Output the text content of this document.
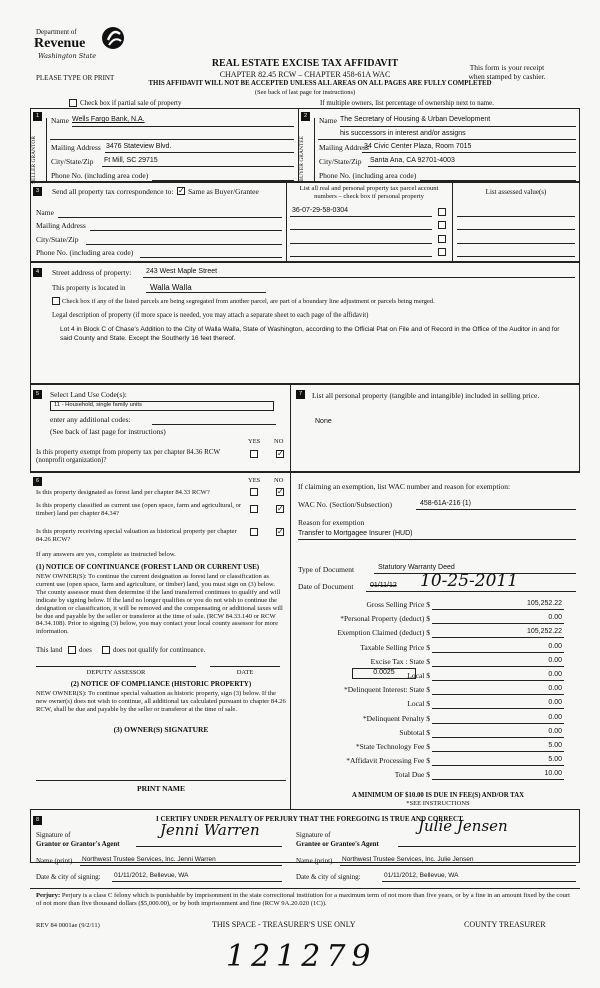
Department of
Revenue
Washington State
PLEASE TYPE OR PRINT
REAL ESTATE EXCISE TAX AFFIDAVIT
CHAPTER 82.45 RCW – CHAPTER 458-61A WAC
THIS AFFIDAVIT WILL NOT BE ACCEPTED UNLESS ALL AREAS ON ALL PAGES ARE FULLY COMPLETED
(See back of last page for instructions)
This form is your receipt
when stamped by cashier.
Check box if partial sale of property	If multiple owners, list percentage of ownership next to name.
1
SELLER GRANTOR
Name Wells Fargo Bank, N.A.
Mailing Address 3476 Stateview Blvd.
City/State/Zip Ft Mill, SC 29715
Phone No. (including area code)
2
BUYER GRANTEE
Name The Secretary of Housing & Urban Development
his successors in interest and/or assigns
Mailing Address
34 Civic Center Plaza, Room 7015
City/State/Zip Santa Ana, CA 92701-4003
Phone No. (including area code)
3	Send all property tax correspondence to: ✓ Same as Buyer/Grantee
Name
Mailing Address
City/State/Zip
Phone No. (including area code)
List all real and personal property tax parcel account numbers – check box if personal property
List assessed value(s)
36-07-29-58-0304
4	Street address of property: 243 West Maple Street
This property is located in	Walla Walla
Check box if any of the listed parcels are being segregated from another parcel, are part of a boundary line adjustment or parcels being merged.
Legal description of property (if more space is needed, you may attach a separate sheet to each page of the affidavit)
Lot 4 in Block C of Chase's Addition to the City of Walla Walla, State of Washington, according to the Official Plat on File and of Record in the Office of the Auditor in and for said County and State. Except the Southerly 16 feet thereof.
5	Select Land Use Code(s):
11 - Household, single family units
enter any additional codes:
(See back of last page for instructions)
YES NO
Is this property exempt from property tax per chapter 84.36 RCW (nonprofit organization)?
✓
7	List all personal property (tangible and intangible) included in selling price.
None
6	YES NO
Is this property designated as forest land per chapter 84.33 RCW?	✓
Is this property classified as current use (open space, farm and agricultural, or timber) land per chapter 84.34?
✓
Is this property receiving special valuation as historical property per chapter 84.26 RCW?
✓
If any answers are yes, complete as instructed below.
(1) NOTICE OF CONTINUANCE (FOREST LAND OR CURRENT USE)
NEW OWNER(S): To continue the current designation as forest land or classification as current use (open space, farm and agriculture, or timber) land, you must sign on (3) below. The county assessor must then determine if the land transferred continues to qualify and will indicate by signing below. If the land no longer qualifies or you do not wish to continue the designation or classification, it will be removed and the compensating or additional taxes will be due and payable by the seller or transferor at the time of sale. (RCW 84.33.140 or RCW 84.34.108). Prior to signing (3) below, you may contact your local county assessor for more information.
This land does	does not qualify for continuance.
DEPUTY ASSESSOR	DATE
(2) NOTICE OF COMPLIANCE (HISTORIC PROPERTY)
NEW OWNER(S): To continue special valuation as historic property, sign (3) below. If the new owner(s) does not wish to continue, all additional tax calculated pursuant to chapter 84.26 RCW, shall be due and payable by the seller or transferor at the time of sale.
(3) OWNER(S) SIGNATURE
PRINT NAME
If claiming an exemption, list WAC number and reason for exemption:
WAC No. (Section/Subsection)	458-61A-216 (1)
Reason for exemption
Transfer to Mortgagee Insurer (HUD)
Type of Document	Statutory Warranty Deed
Date of Document 01/11/12 10-25-2011
Gross Selling Price $	105,252.22
*Personal Property (deduct) $	0.00
Exemption Claimed (deduct) $	105,252.22
Taxable Selling Price $	0.00
Excise Tax : State $	0.00
Local $	0.00
*Delinquent Interest: State $	0.00
Local $	0.00
*Delinquent Penalty $	0.00
Subtotal $	0.00
*State Technology Fee $	5.00
*Affidavit Processing Fee $	5.00
Total Due $	10.00
0.0025
A MINIMUM OF $10.00 IS DUE IN FEE(S) AND/OR TAX
*SEE INSTRUCTIONS
8	I CERTIFY UNDER PENALTY OF PERJURY THAT THE FOREGOING IS TRUE AND CORRECT.
Signature of
Grantor or Grantor's Agent
Jenni Warren	Signature of
Grantee or Grantee's Agent
Julie Jensen
Name (print) Northwest Trustee Services, Inc. Jenni Warren	Name (print) Northwest Trustee Services, Inc. Julie Jensen
Date & city of signing: 01/11/2012, Bellevue, WA	Date & city of signing:	01/11/2012, Bellevue, WA
Perjury: Perjury is a class C felony which is punishable by imprisonment in the state correctional institution for a maximum term of not more than five years, or by a fine in an amount fixed by the court of not more than five thousand dollars ($5,000.00), or by both imprisonment and fine (RCW 9A.20.020 (1C)).
REV 84 0001ae (9/2/11)	THIS SPACE - TREASURER'S USE ONLY	COUNTY TREASURER
121279
